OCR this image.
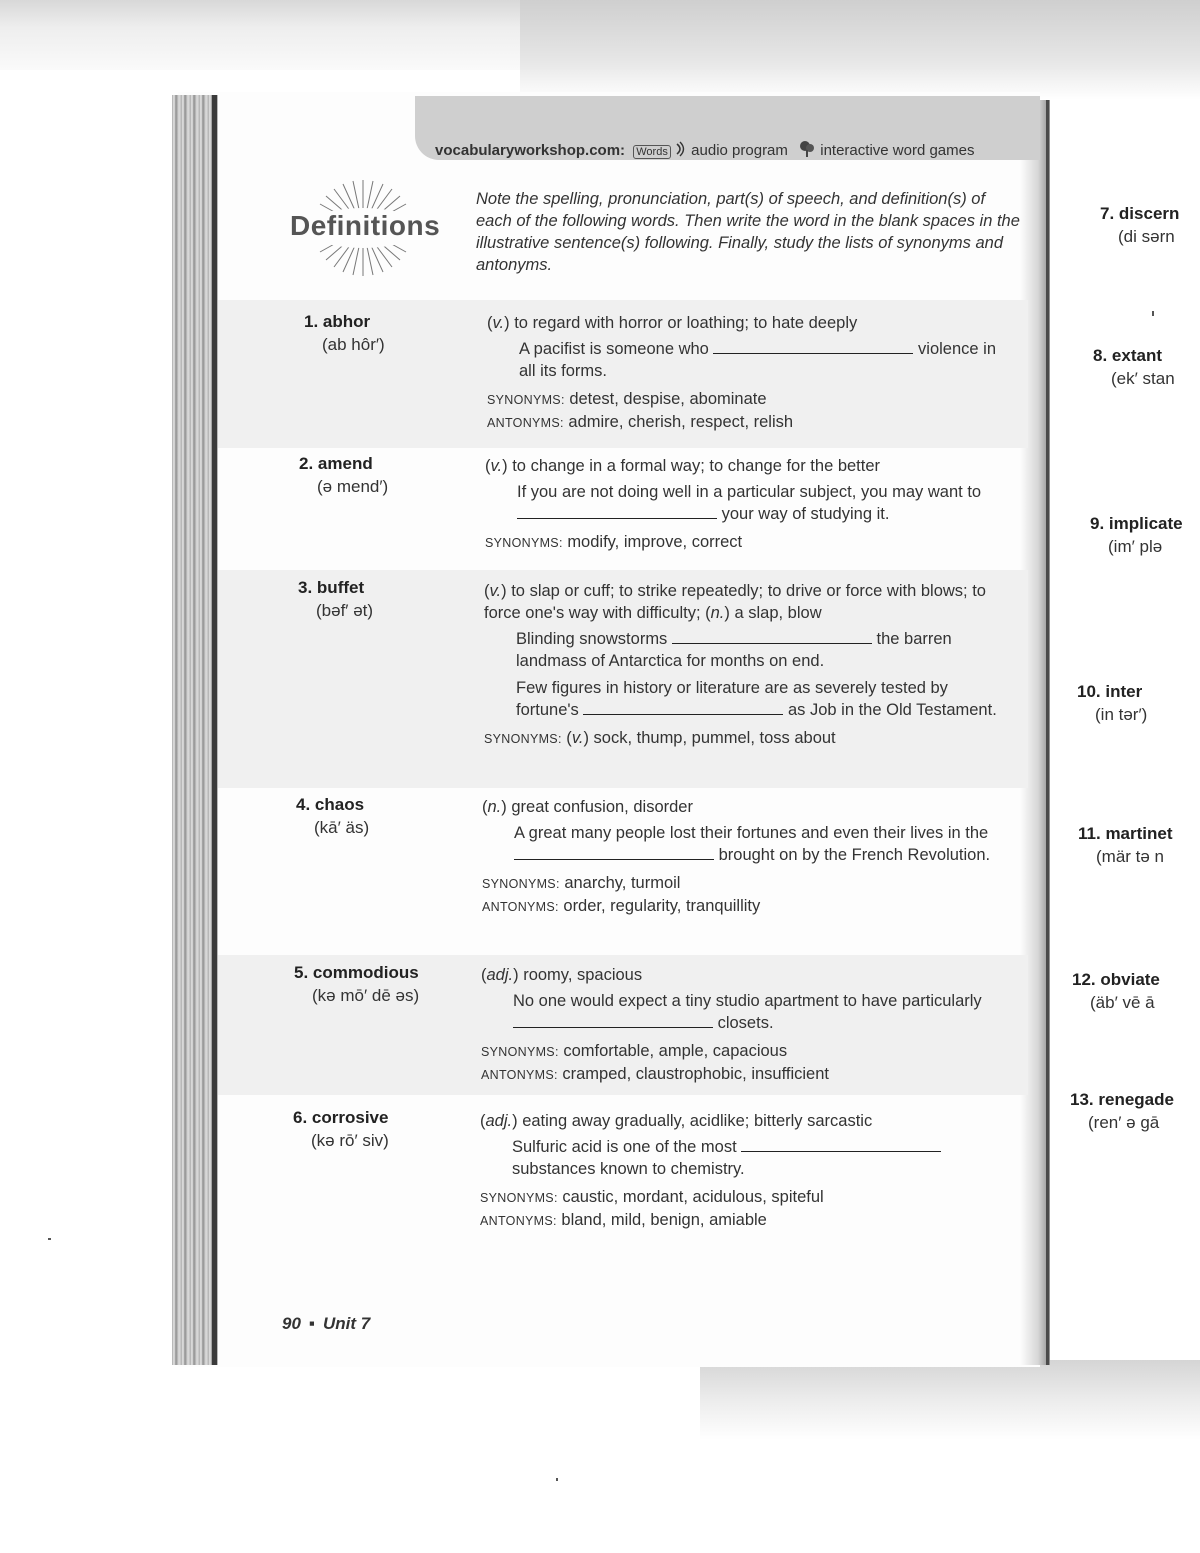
vocabularyworkshop.com: Words audio program interactive word games
Definitions
Note the spelling, pronunciation, part(s) of speech, and definition(s) of each of the following words. Then write the word in the blank spaces in the illustrative sentence(s) following. Finally, study the lists of synonyms and antonyms.
1. abhor
(ab hôr′)
(v.) to regard with horror or loathing; to hate deeply
A pacifist is someone who	violence in all its forms.
SYNONYMS: detest, despise, abominate
ANTONYMS: admire, cherish, respect, relish
2. amend
(ə mend′)
(v.) to change in a formal way; to change for the better
If you are not doing well in a particular subject, you may want to  your way of studying it.
SYNONYMS: modify, improve, correct
3. buffet
(bəf′ ət)
(v.) to slap or cuff; to strike repeatedly; to drive or force with blows; to force one's way with difficulty; (n.) a slap, blow
Blinding snowstorms	the barren landmass of Antarctica for months on end.
Few figures in history or literature are as severely tested by fortune's	as Job in the Old Testament.
SYNONYMS: (v.) sock, thump, pummel, toss about
4. chaos
(kā′ äs)
(n.) great confusion, disorder
A great many people lost their fortunes and even their lives in the  brought on by the French Revolution.
SYNONYMS: anarchy, turmoil
ANTONYMS: order, regularity, tranquillity
5. commodious
(kə mō′ dē əs)
(adj.) roomy, spacious
No one would expect a tiny studio apartment to have particularly  closets.
SYNONYMS: comfortable, ample, capacious
ANTONYMS: cramped, claustrophobic, insufficient
6. corrosive
(kə rō′ siv)
(adj.) eating away gradually, acidlike; bitterly sarcastic
Sulfuric acid is one of the most  substances known to chemistry.
SYNONYMS: caustic, mordant, acidulous, spiteful
ANTONYMS: bland, mild, benign, amiable
7. discern
(di sərn
8. extant
(ek′ stan
9. implicate
(im′ plə
10. inter
(in tər′)
11. martinet
(mär tə n
12. obviate
(äb′ vē ā
13. renegade
(ren′ ə gā
90 ▪ Unit 7
